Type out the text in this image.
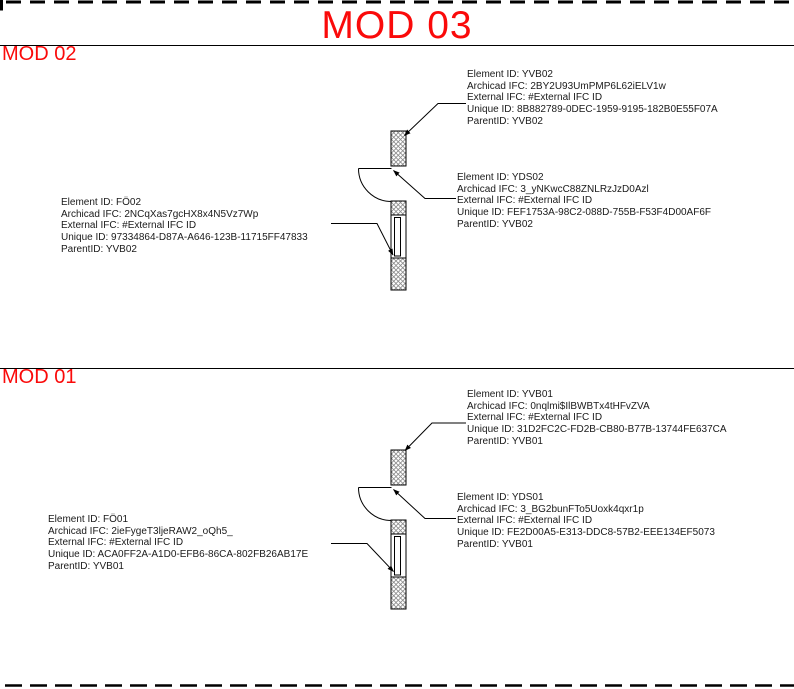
MOD 03
MOD 02
MOD 01
Element ID: YVB02
Archicad IFC: 2BY2U93UmPMP6L62iELV1w
External IFC: #External IFC ID
Unique ID: 8B882789-0DEC-1959-9195-182B0E55F07A
ParentID: YVB02
Element ID: YDS02
Archicad IFC: 3_yNKwcC88ZNLRzJzD0Azl
External IFC: #External IFC ID
Unique ID: FEF1753A-98C2-088D-755B-F53F4D00AF6F
ParentID: YVB02
Element ID: FÖ02
Archicad IFC: 2NCqXas7gcHX8x4N5Vz7Wp
External IFC: #External IFC ID
Unique ID: 97334864-D87A-A646-123B-11715FF47833
ParentID: YVB02
Element ID: YVB01
Archicad IFC: 0nqlmi$IlBWBTx4tHFvZVA
External IFC: #External IFC ID
Unique ID: 31D2FC2C-FD2B-CB80-B77B-13744FE637CA
ParentID: YVB01
Element ID: YDS01
Archicad IFC: 3_BG2bunFTo5Uoxk4qxr1p
External IFC: #External IFC ID
Unique ID: FE2D00A5-E313-DDC8-57B2-EEE134EF5073
ParentID: YVB01
Element ID: FÖ01
Archicad IFC: 2ieFygeT3ljeRAW2_oQh5_
External IFC: #External IFC ID
Unique ID: ACA0FF2A-A1D0-EFB6-86CA-802FB26AB17E
ParentID: YVB01
